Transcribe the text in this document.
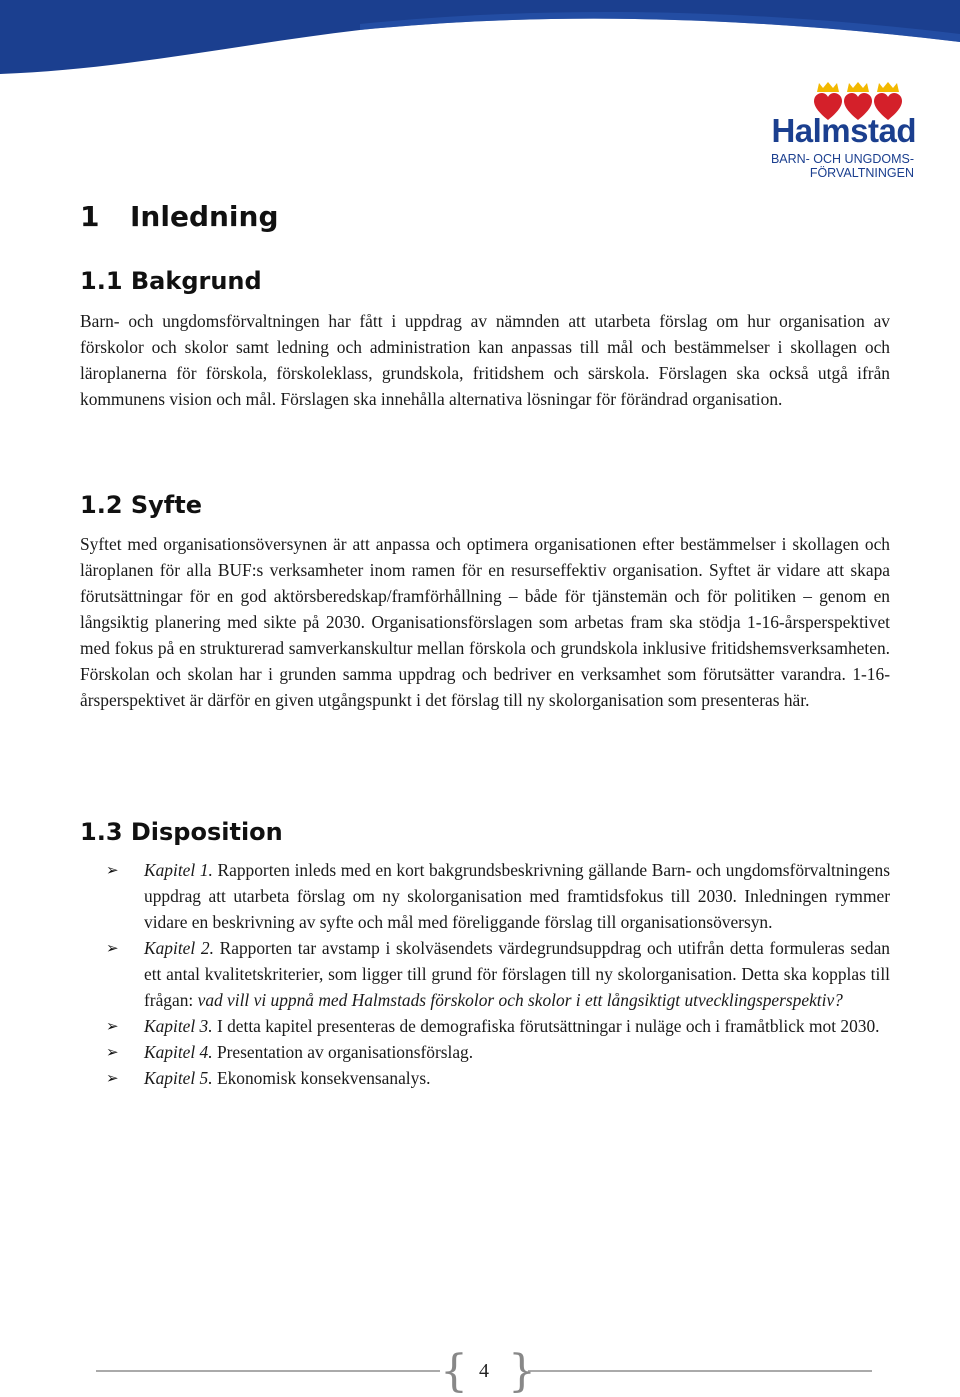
Halmstad
BARN- OCH UNGDOMS-
FÖRVALTNINGEN
1 Inledning
1.1 Bakgrund

Barn- och ungdomsförvaltningen har fått i uppdrag av nämnden att utarbeta förslag om hur organisation av förskolor och skolor samt ledning och administration kan anpassas till mål och bestämmelser i skollagen och läroplanerna för förskola, förskoleklass, grundskola, fritidshem och särskola. Förslagen ska också utgå ifrån kommunens vision och mål. Förslagen ska innehålla alternativa lösningar för förändrad organisation.

1.2 Syfte

Syftet med organisationsöversynen är att anpassa och optimera organisationen efter bestämmelser i skollagen och läroplanen för alla BUF:s verksamheter inom ramen för en resurseffektiv organisation. Syftet är vidare att skapa förutsättningar för en god aktörsberedskap/framförhållning – både för tjänstemän och för politiken – genom en långsiktig planering med sikte på 2030. Organisationsförslagen som arbetas fram ska stödja 1-16-årsperspektivet med fokus på en strukturerad samverkanskultur mellan förskola och grundskola inklusive fritidshemsverksamheten. Förskolan och skolan har i grunden samma uppdrag och bedriver en verksamhet som förutsätter varandra. 1-16-årsperspektivet är därför en given utgångspunkt i det förslag till ny skolorganisation som presenteras här.

1.3 Disposition
➢ Kapitel 1. Rapporten inleds med en kort bakgrundsbeskrivning gällande Barn- och ungdomsförvaltningens uppdrag att utarbeta förslag om ny skolorganisation med framtidsfokus till 2030. Inledningen rymmer vidare en beskrivning av syfte och mål med föreliggande förslag till organisationsöversyn.
➢ Kapitel 2. Rapporten tar avstamp i skolväsendets värdegrundsuppdrag och utifrån detta formuleras sedan ett antal kvalitetskriterier, som ligger till grund för förslagen till ny skolorganisation. Detta ska kopplas till frågan: vad vill vi uppnå med Halmstads förskolor och skolor i ett långsiktigt utvecklingsperspektiv?
➢ Kapitel 3. I detta kapitel presenteras de demografiska förutsättningar i nuläge och i framåtblick mot 2030.
➢ Kapitel 4. Presentation av organisationsförslag.
➢ Kapitel 5. Ekonomisk konsekvensanalys.
{ }
4
